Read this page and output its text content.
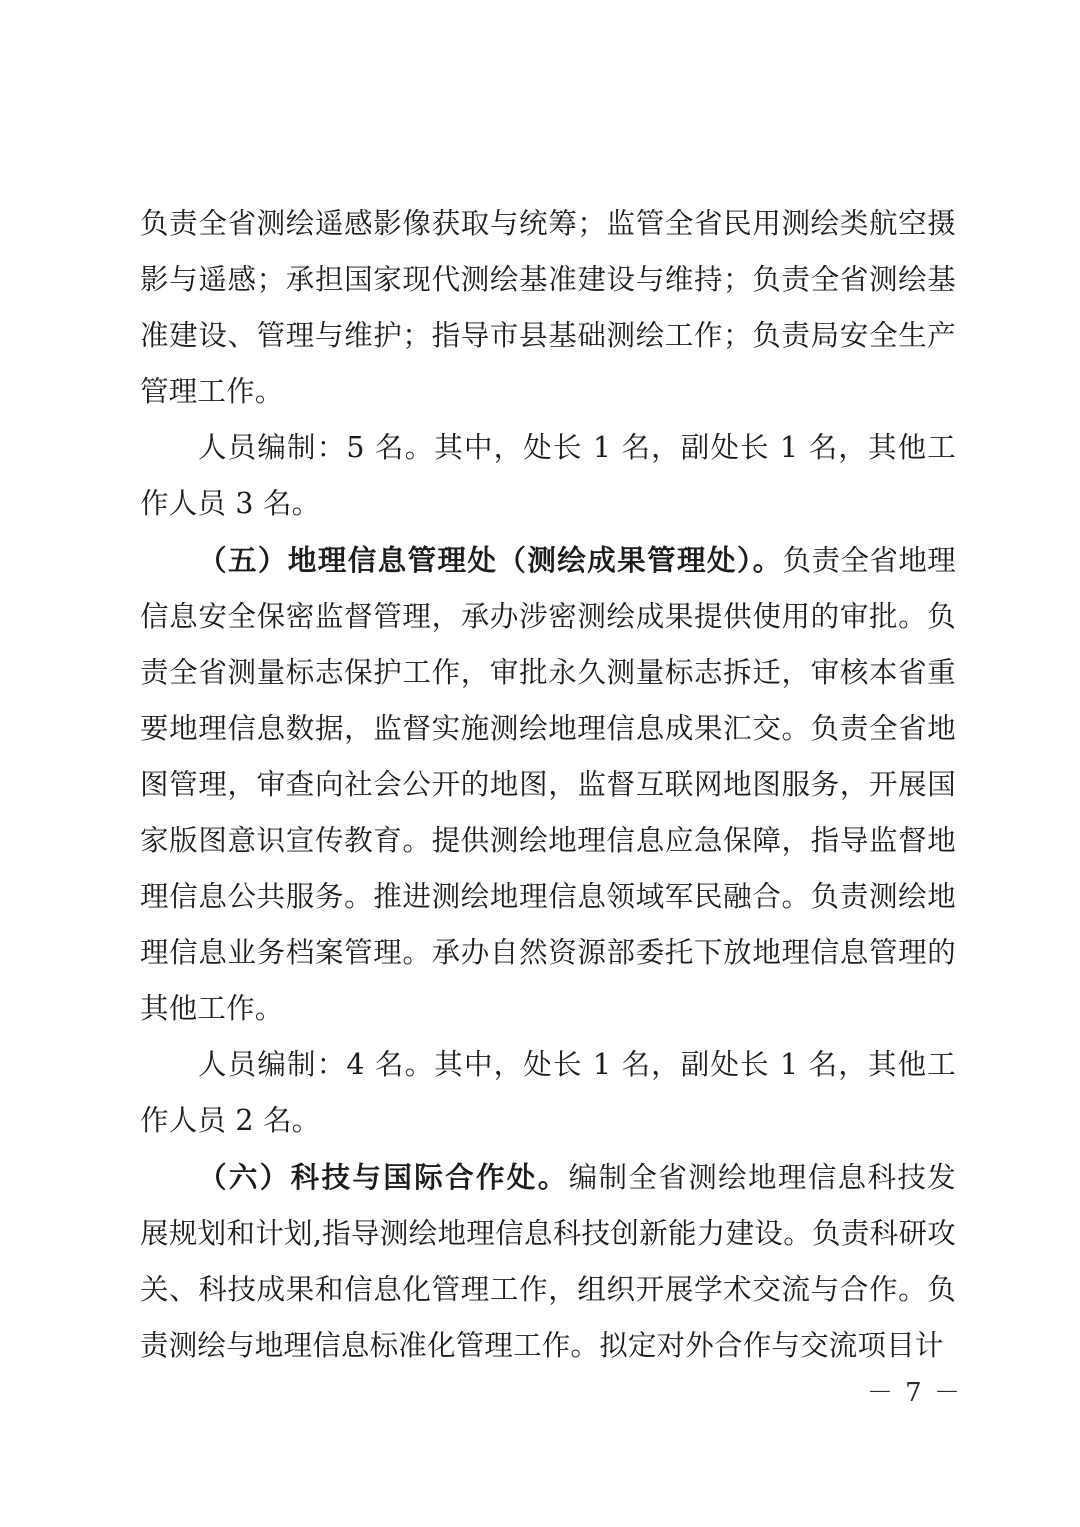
负责全省测绘遥感影像获取与统筹；监管全省民用测绘类航空摄影与遥感；承担国家现代测绘基准建设与维持；负责全省测绘基准建设、管理与维护；指导市县基础测绘工作；负责局安全生产管理工作。

人员编制：5 名。其中，处长 1 名，副处长 1 名，其他工作人员 3 名。

（五）地理信息管理处（测绘成果管理处）。负责全省地理信息安全保密监督管理，承办涉密测绘成果提供使用的审批。负责全省测量标志保护工作，审批永久测量标志拆迁，审核本省重要地理信息数据，监督实施测绘地理信息成果汇交。负责全省地图管理，审查向社会公开的地图，监督互联网地图服务，开展国家版图意识宣传教育。提供测绘地理信息应急保障，指导监督地理信息公共服务。推进测绘地理信息领域军民融合。负责测绘地理信息业务档案管理。承办自然资源部委托下放地理信息管理的其他工作。

人员编制：4 名。其中，处长 1 名，副处长 1 名，其他工作人员 2 名。

（六）科技与国际合作处。编制全省测绘地理信息科技发展规划和计划,指导测绘地理信息科技创新能力建设。负责科研攻关、科技成果和信息化管理工作，组织开展学术交流与合作。负责测绘与地理信息标准化管理工作。拟定对外合作与交流项目计

－ 7 －
